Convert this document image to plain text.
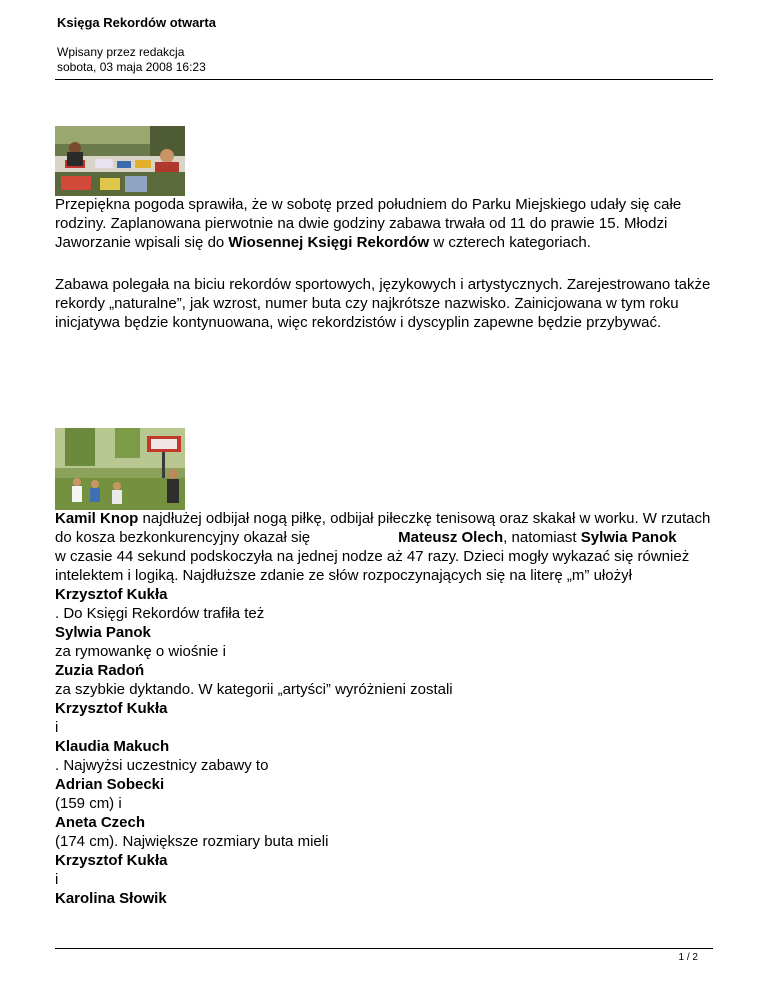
Księga Rekordów otwarta
Wpisany przez redakcja
sobota, 03 maja 2008 16:23

Przepiękna pogoda sprawiła, że w sobotę przed południem do Parku Miejskiego udały się całe rodziny. Zaplanowana pierwotnie na dwie godziny zabawa trwała od 11 do prawie 15. Młodzi Jaworzanie wpisali się do Wiosennej Księgi Rekordów w czterech kategoriach.

Zabawa polegała na biciu rekordów sportowych, językowych i artystycznych. Zarejestrowano także rekordy „naturalne”, jak wzrost, numer buta czy najkrótsze nazwisko. Zainicjowana w tym roku inicjatywa będzie kontynuowana, więc rekordzistów i dyscyplin zapewne będzie przybywać.

Kamil Knop najdłużej odbijał nogą piłkę, odbijał piłeczkę tenisową oraz skakał w worku. W rzutach do kosza bezkonkurencyjny okazał się	Mateusz Olech, natomiast Sylwia Panok

w czasie 44 sekund podskoczyła na jednej nodze aż 47 razy. Dzieci mogły wykazać się również intelektem i logiką. Najdłuższe zdanie ze słów rozpoczynających się na literę „m” ułożył

Krzysztof Kukła

. Do Księgi Rekordów trafiła też

Sylwia Panok

za rymowankę o wiośnie i

Zuzia Radoń

za szybkie dyktando. W kategorii „artyści” wyróżnieni zostali

Krzysztof Kukła

i

Klaudia Makuch

. Najwyżsi uczestnicy zabawy to

Adrian Sobecki

(159 cm) i

Aneta Czech

(174 cm). Największe rozmiary buta mieli

Krzysztof Kukła

i

Karolina Słowik

1 / 2
